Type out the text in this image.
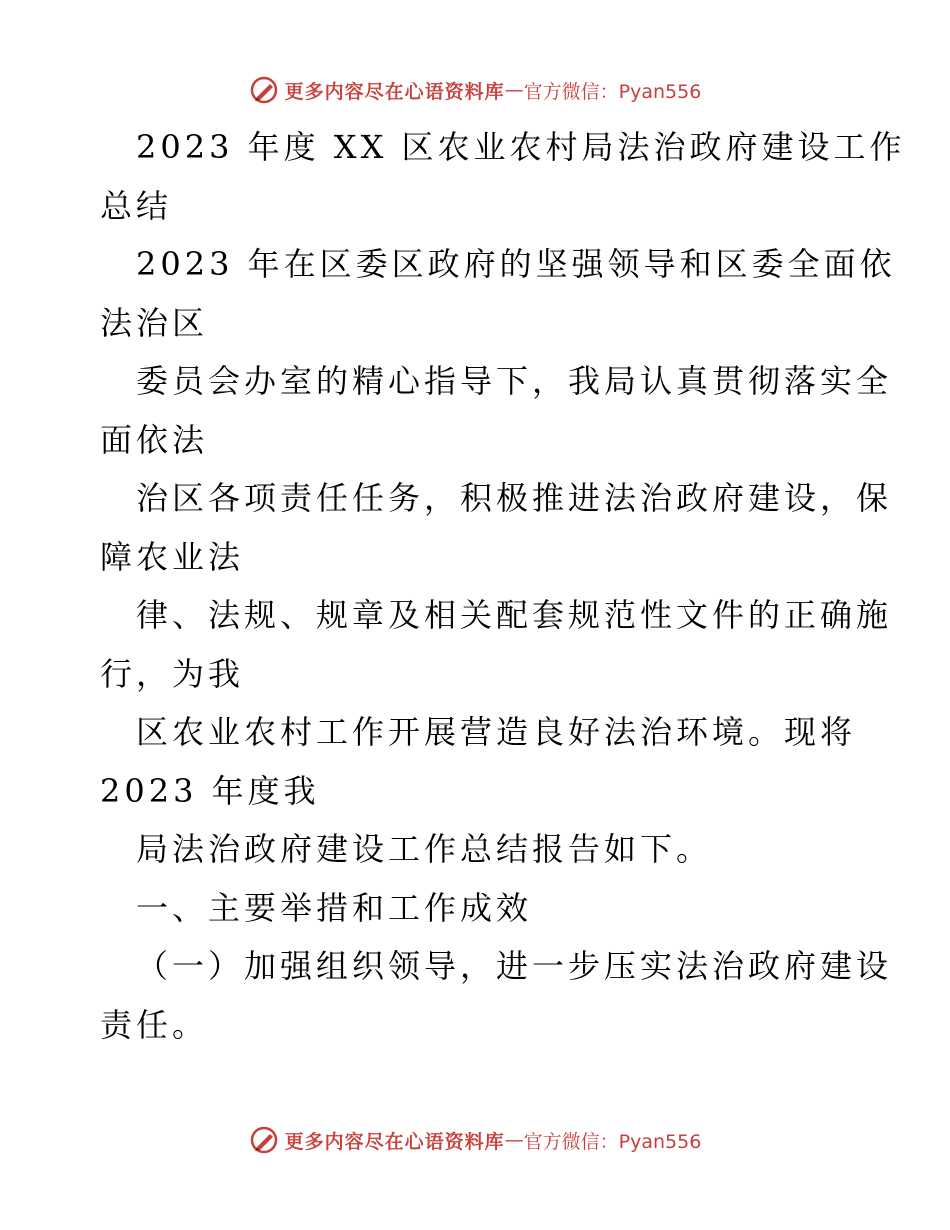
更多内容尽在心语资料库 — 官方微信：Pyan556
2023 年度 XX 区农业农村局法治政府建设工作
总结
2023 年在区委区政府的坚强领导和区委全面依
法治区
委员会办室的精心指导下，我局认真贯彻落实全
面依法
治区各项责任任务，积极推进法治政府建设，保
障农业法
律、法规、规章及相关配套规范性文件的正确施
行，为我
区农业农村工作开展营造良好法治环境。现将
2023 年度我
局法治政府建设工作总结报告如下。
一、主要举措和工作成效
（一）加强组织领导，进一步压实法治政府建设
责任。
更多内容尽在心语资料库 — 官方微信：Pyan556
